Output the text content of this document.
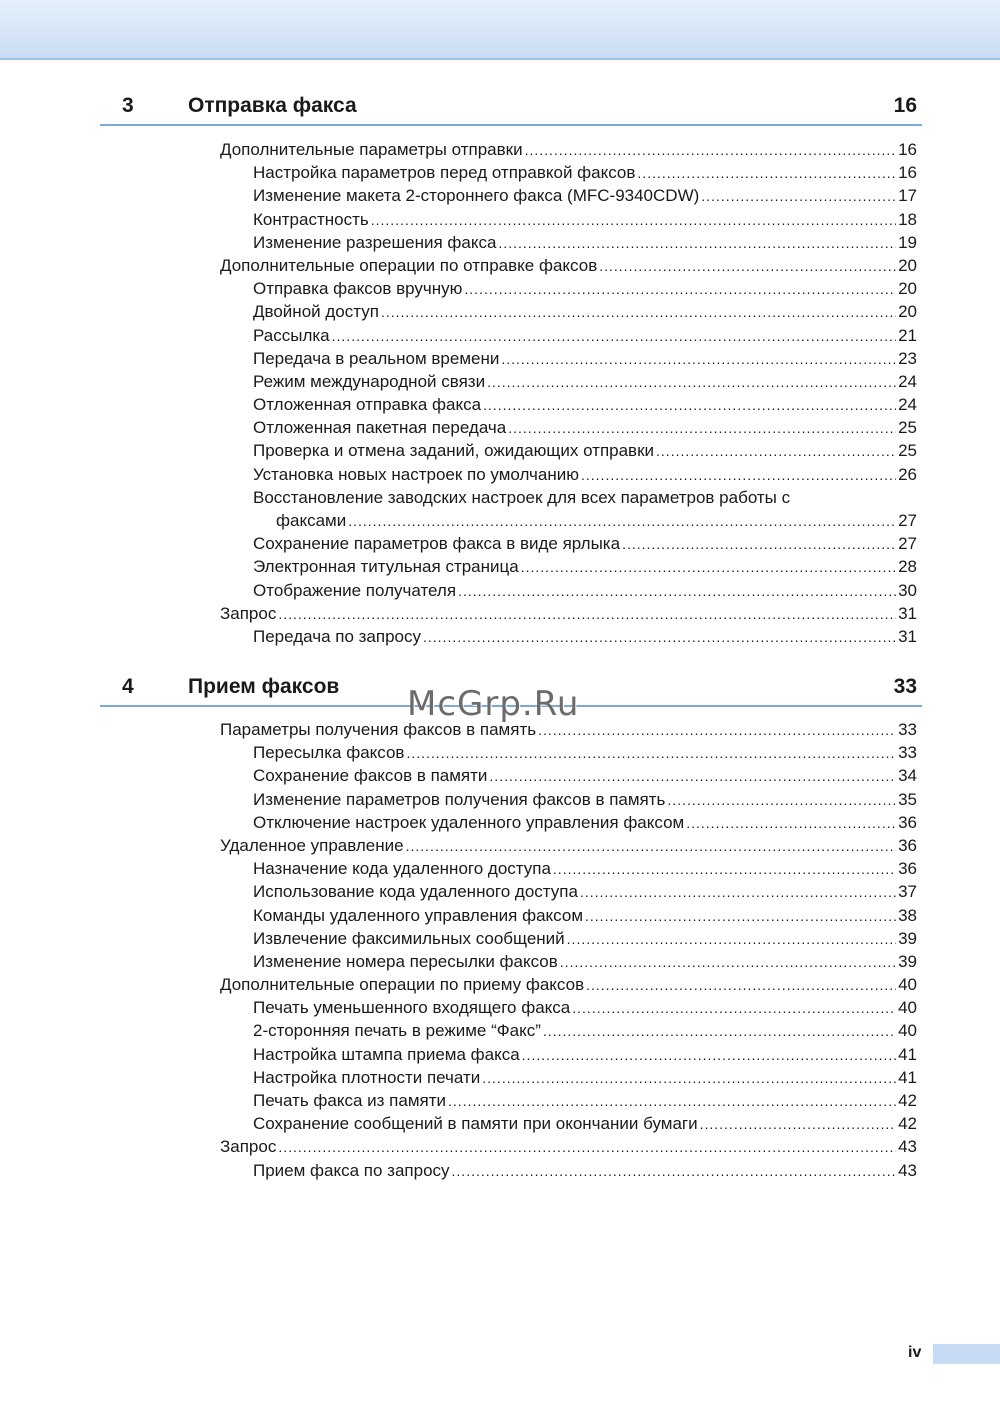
3	Отправка факса	16
Дополнительные параметры отправки .....	16
Настройка параметров перед отправкой факсов .....	16
Изменение макета 2-стороннего факса (MFC-9340CDW) .....	17
Контрастность .....	18
Изменение разрешения факса .....	19
Дополнительные операции по отправке факсов .....	20
Отправка факсов вручную .....	20
Двойной доступ .....	20
Рассылка .....	21
Передача в реальном времени .....	23
Режим международной связи .....	24
Отложенная отправка факса .....	24
Отложенная пакетная передача .....	25
Проверка и отмена заданий, ожидающих отправки .....	25
Установка новых настроек по умолчанию .....	26
Восстановление заводских настроек для всех параметров работы с
факсами .....	27
Сохранение параметров факса в виде ярлыка .....	27
Электронная титульная страница .....	28
Отображение получателя .....	30
Запрос .....	31
Передача по запросу .....	31
4	Прием факсов	33
Параметры получения факсов в память .....	33
Пересылка факсов .....	33
Сохранение факсов в памяти .....	34
Изменение параметров получения факсов в память .....	35
Отключение настроек удаленного управления факсом .....	36
Удаленное управление .....	36
Назначение кода удаленного доступа .....	36
Использование кода удаленного доступа .....	37
Команды удаленного управления факсом .....	38
Извлечение факсимильных сообщений .....	39
Изменение номера пересылки факсов .....	39
Дополнительные операции по приему факсов .....	40
Печать уменьшенного входящего факса .....	40
2-сторонняя печать в режиме “Факс” .....	40
Настройка штампа приема факса .....	41
Настройка плотности печати .....	41
Печать факса из памяти .....	42
Сохранение сообщений в памяти при окончании бумаги .....	42
Запрос .....	43
Прием факса по запросу .....	43
McGrp.Ru
iv
